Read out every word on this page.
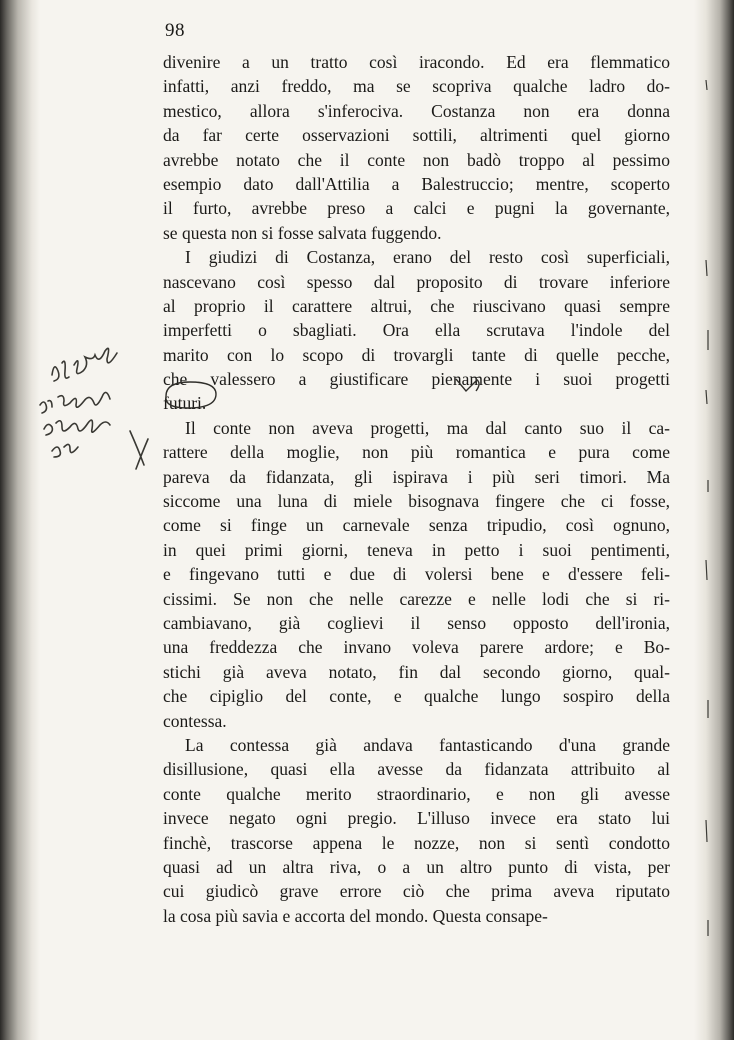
98
divenire a un tratto così iracondo. Ed era flemmatico
infatti, anzi freddo, ma se scopriva qualche ladro do-
mestico, allora s'inferociva. Costanza non era donna
da far certe osservazioni sottili, altrimenti quel giorno
avrebbe notato che il conte non badò troppo al pessimo
esempio dato dall'Attilia a Balestruccio; mentre, scoperto
il furto, avrebbe preso a calci e pugni la governante,
se questa non si fosse salvata fuggendo.
I giudizi di Costanza, erano del resto così superficiali,
nascevano così spesso dal proposito di trovare inferiore
al proprio il carattere altrui, che riuscivano quasi sempre
imperfetti o sbagliati. Ora ella scrutava l'indole del
marito con lo scopo di trovargli tante di quelle pecche,
che valessero a giustificare pienamente i suoi progetti
futuri.
Il conte non aveva progetti, ma dal canto suo il ca-
rattere della moglie, non più romantica e pura come
pareva da fidanzata, gli ispirava i più seri timori. Ma
siccome una luna di miele bisognava fingere che ci fosse,
come si finge un carnevale senza tripudio, così ognuno,
in quei primi giorni, teneva in petto i suoi pentimenti,
e fingevano tutti e due di volersi bene e d'essere feli-
cissimi. Se non che nelle carezze e nelle lodi che si ri-
cambiavano, già coglievi il senso opposto dell'ironia,
una freddezza che invano voleva parere ardore; e Bo-
stichi già aveva notato, fin dal secondo giorno, qual-
che cipiglio del conte, e qualche lungo sospiro della
contessa.
La contessa già andava fantasticando d'una grande
disillusione, quasi ella avesse da fidanzata attribuito al
conte qualche merito straordinario, e non gli avesse
invece negato ogni pregio. L'illuso invece era stato lui
finchè, trascorse appena le nozze, non si sentì condotto
quasi ad un altra riva, o a un altro punto di vista, per
cui giudicò grave errore ciò che prima aveva riputato
la cosa più savia e accorta del mondo. Questa consape-
